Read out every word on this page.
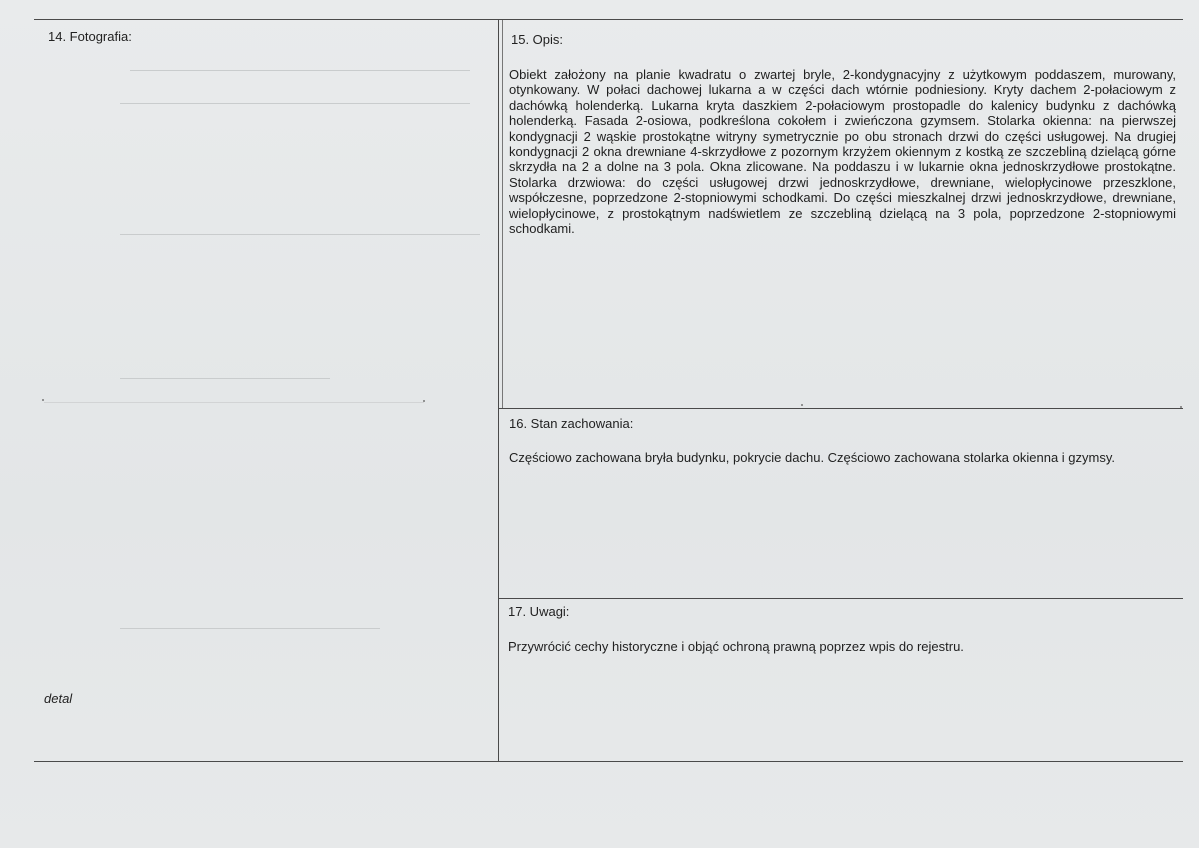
14. Fotografia:
detal
15. Opis:
Obiekt założony na planie kwadratu o zwartej bryle, 2-kondygnacyjny z użytkowym poddaszem, murowany, otynkowany. W połaci dachowej lukarna a w części dach wtórnie podniesiony. Kryty dachem 2-połaciowym z dachówką holenderką. Lukarna kryta daszkiem 2-połaciowym prostopadle do kalenicy budynku z dachówką holenderką. Fasada 2-osiowa, podkreślona cokołem i zwieńczona gzymsem. Stolarka okienna: na pierwszej kondygnacji 2 wąskie prostokątne witryny symetrycznie po obu stronach drzwi do części usługowej. Na drugiej kondygnacji 2 okna drewniane 4-skrzydłowe z pozornym krzyżem okiennym z kostką ze szczebliną dzielącą górne skrzydła na 2 a dolne na 3 pola. Okna zlicowane. Na poddaszu i w lukarnie okna jednoskrzydłowe prostokątne. Stolarka drzwiowa: do części usługowej drzwi jednoskrzydłowe, drewniane, wielopłycinowe przeszklone, współczesne, poprzedzone 2-stopniowymi schodkami. Do części mieszkalnej drzwi jednoskrzydłowe, drewniane, wielopłycinowe, z prostokątnym nadświetlem ze szczebliną dzielącą na 3 pola, poprzedzone 2-stopniowymi schodkami.
16. Stan zachowania:
Częściowo zachowana bryła budynku, pokrycie dachu. Częściowo zachowana stolarka okienna i gzymsy.
17. Uwagi:
Przywrócić cechy historyczne i objąć ochroną prawną poprzez wpis do rejestru.
